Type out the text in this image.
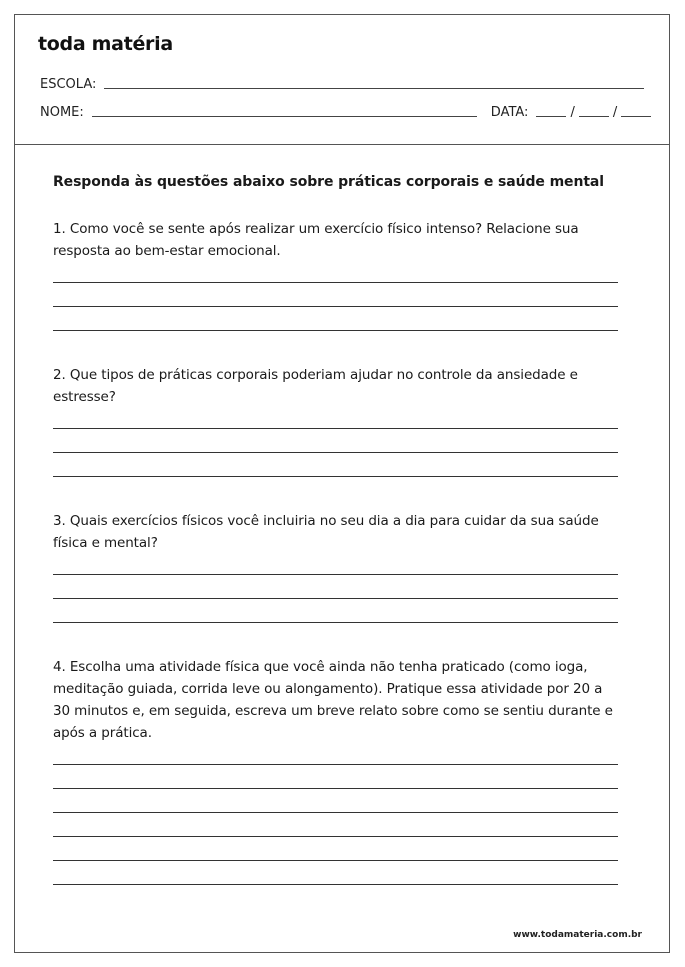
toda matéria
ESCOLA:
NOME:	DATA:	/	/
Responda às questões abaixo sobre práticas corporais e saúde mental

1. Como você se sente após realizar um exercício físico intenso? Relacione sua resposta ao bem-estar emocional.

2. Que tipos de práticas corporais poderiam ajudar no controle da ansiedade e estresse?

3. Quais exercícios físicos você incluiria no seu dia a dia para cuidar da sua saúde física e mental?

4. Escolha uma atividade física que você ainda não tenha praticado (como ioga, meditação guiada, corrida leve ou alongamento). Pratique essa atividade por 20 a 30 minutos e, em seguida, escreva um breve relato sobre como se sentiu durante e após a prática.

www.todamateria.com.br
